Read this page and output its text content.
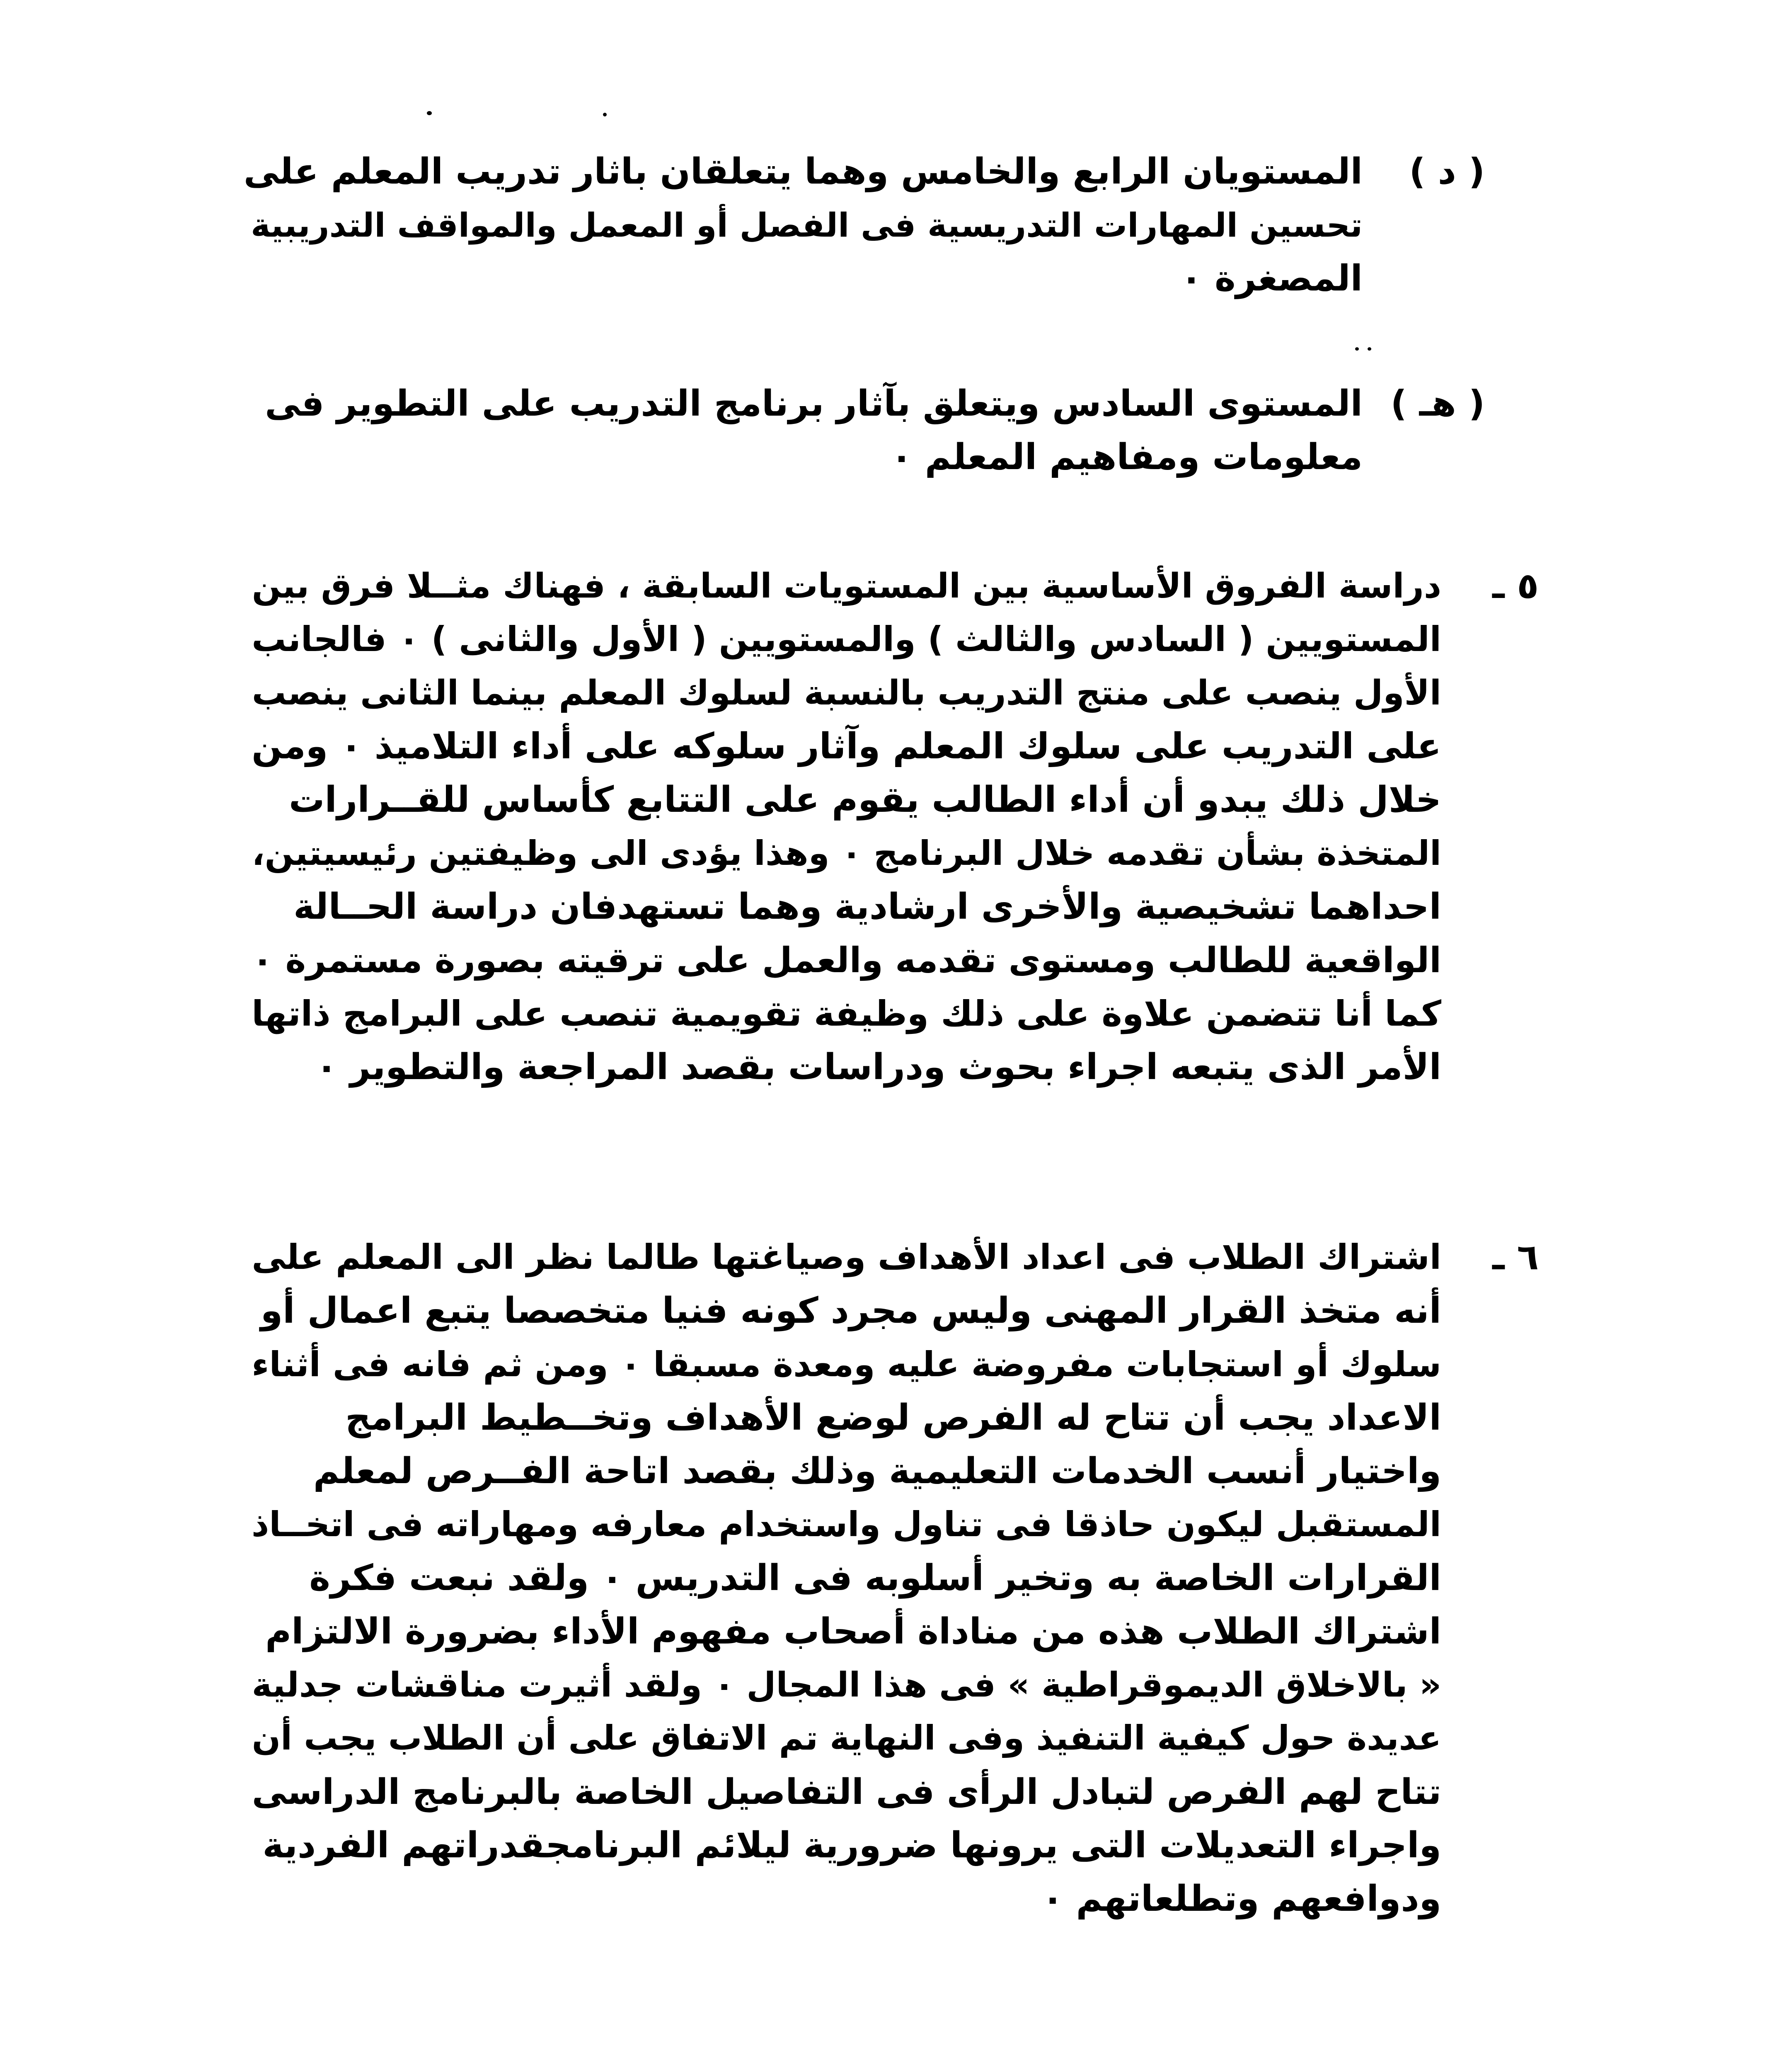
( د )
المستويان الرابع والخامس وهما يتعلقان باثار تدريب المعلم على
تحسين المهارات التدريسية فى الفصل أو المعمل والمواقف التدريبية
المصغرة ٠
( هـ )
المستوى السادس ويتعلق بآثار برنامج التدريب على التطوير فى
معلومات ومفاهيم المعلم ٠
٥ ـ
دراسة الفروق الأساسية بين المستويات السابقة ، فهناك مثــلا فرق بين
المستويين ( السادس والثالث ) والمستويين ( الأول والثانى ) ٠ فالجانب
الأول ينصب على منتج التدريب بالنسبة لسلوك المعلم بينما الثانى ينصب
على التدريب على سلوك المعلم وآثار سلوكه على أداء التلاميذ ٠ ومن
خلال ذلك يبدو أن أداء الطالب يقوم على التتابع كأساس للقــرارات
المتخذة بشأن تقدمه خلال البرنامج ٠ وهذا يؤدى الى وظيفتين رئيسيتين،
احداهما تشخيصية والأخرى ارشادية وهما تستهدفان دراسة الحــالة
الواقعية للطالب ومستوى تقدمه والعمل على ترقيته بصورة مستمرة ٠
كما أنا تتضمن علاوة على ذلك وظيفة تقويمية تنصب على البرامج ذاتها
الأمر الذى يتبعه اجراء بحوث ودراسات بقصد المراجعة والتطوير ٠
٦ ـ
اشتراك الطلاب فى اعداد الأهداف وصياغتها طالما نظر الى المعلم على
أنه متخذ القرار المهنى وليس مجرد كونه فنيا متخصصا يتبع اعمال أو
سلوك أو استجابات مفروضة عليه ومعدة مسبقا ٠ ومن ثم فانه فى أثناء
الاعداد يجب أن تتاح له الفرص لوضع الأهداف وتخــطيط البرامج
واختيار أنسب الخدمات التعليمية وذلك بقصد اتاحة الفــرص لمعلم
المستقبل ليكون حاذقا فى تناول واستخدام معارفه ومهاراته فى اتخــاذ
القرارات الخاصة به وتخير أسلوبه فى التدريس ٠ ولقد نبعت فكرة
اشتراك الطلاب هذه من مناداة أصحاب مفهوم الأداء بضرورة الالتزام
« بالاخلاق الديموقراطية » فى هذا المجال ٠ ولقد أثيرت مناقشات جدلية
عديدة حول كيفية التنفيذ وفى النهاية تم الاتفاق على أن الطلاب يجب أن
تتاح لهم الفرص لتبادل الرأى فى التفاصيل الخاصة بالبرنامج الدراسى
واجراء التعديلات التى يرونها ضرورية ليلائم البرنامجقدراتهم الفردية
ودوافعهم وتطلعاتهم ٠
